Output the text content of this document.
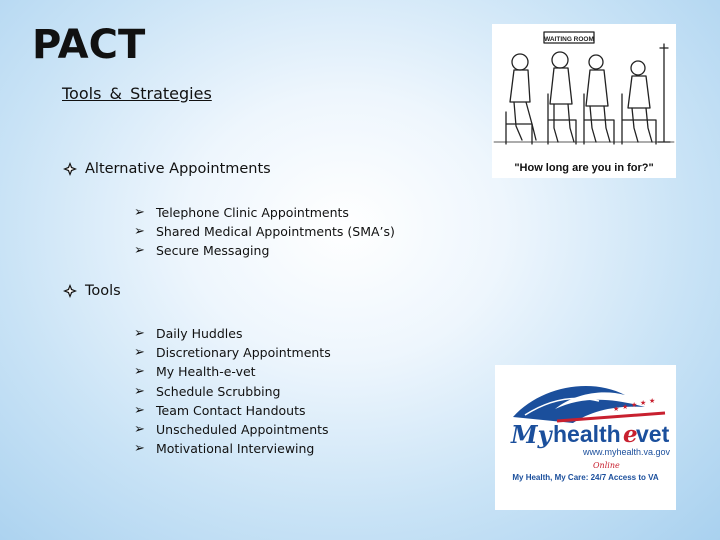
PACT
Tools & Strategies
Alternative Appointments
➢ Telephone Clinic Appointments
➢ Shared Medical Appointments (SMA’s)
➢ Secure Messaging
Tools
➢ Daily Huddles
➢ Discretionary Appointments
➢ My Health-e-vet
➢ Schedule Scrubbing
➢ Team Contact Handouts
➢ Unscheduled Appointments
➢ Motivational Interviewing
WAITING ROOM
"How long are you in for?"
★ ★ ★ ★ ★
My health e
vet
www.myhealth.va.gov
Online
My Health, My Care: 24/7 Access to VA
